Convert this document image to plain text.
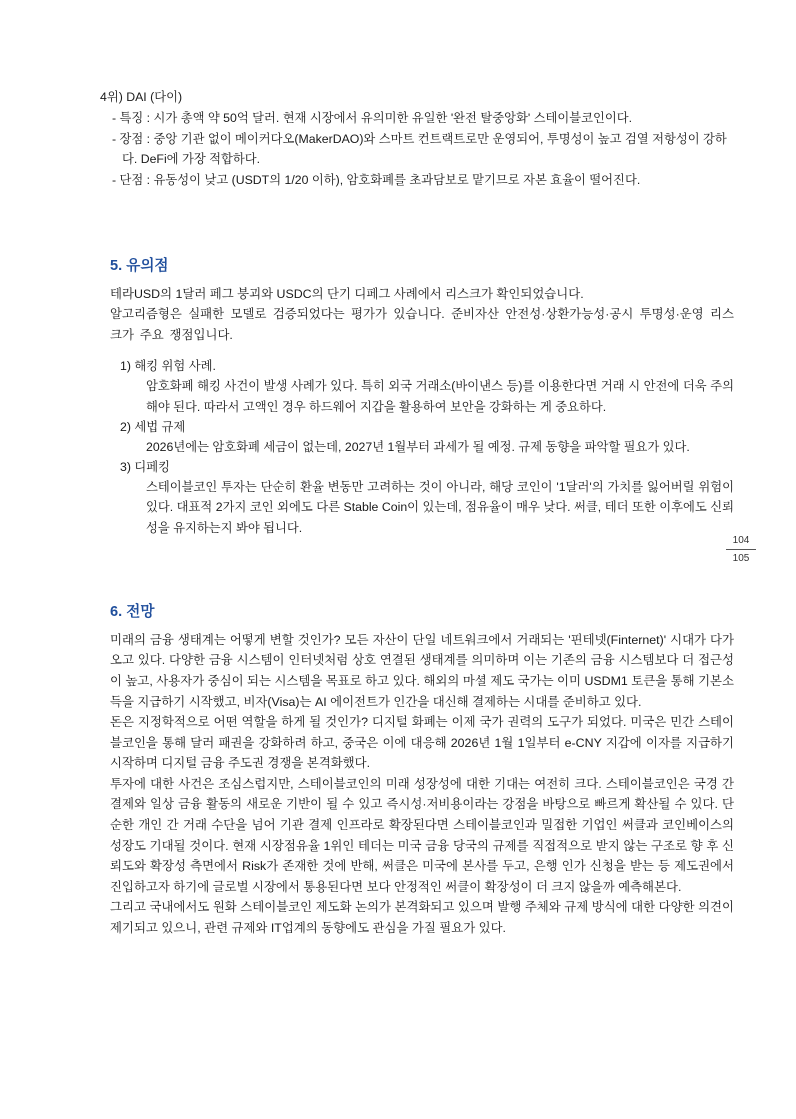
4위) DAI (다이)

- 특징 : 시가 총액 약 50억 달러. 현재 시장에서 유의미한 유일한 '완전 탈중앙화' 스테이블코인이다.

- 장점 : 중앙 기관 없이 메이커다오(MakerDAO)와 스마트 컨트랙트로만 운영되어, 투명성이 높고 검열 저항성이 강하다. DeFi에 가장 적합하다.

- 단점 : 유동성이 낮고 (USDT의 1/20 이하), 암호화폐를 초과담보로 맡기므로 자본 효율이 떨어진다.

5. 유의점

테라USD의 1달러 페그 붕괴와 USDC의 단기 디페그 사례에서 리스크가 확인되었습니다.

알고리즘형은 실패한 모델로 검증되었다는 평가가 있습니다. 준비자산 안전성·상환가능성·공시 투명성·운영 리스크가 주요 쟁점입니다.

1) 해킹 위험 사례.

암호화폐 해킹 사건이 발생 사례가 있다. 특히 외국 거래소(바이낸스 등)를 이용한다면 거래 시 안전에 더욱 주의해야 된다. 따라서 고액인 경우 하드웨어 지갑을 활용하여 보안을 강화하는 게 중요하다.

2) 세법 규제

2026년에는 암호화폐 세금이 없는데, 2027년 1월부터 과세가 될 예정. 규제 동향을 파악할 필요가 있다.

3) 디페킹

스테이블코인 투자는 단순히 환율 변동만 고려하는 것이 아니라, 해당 코인이 '1달러'의 가치를 잃어버릴 위험이 있다. 대표적 2가지 코인 외에도 다른 Stable Coin이 있는데, 점유율이 매우 낮다. 써클, 테더 또한 이후에도 신뢰성을 유지하는지 봐야 됩니다.

6. 전망

미래의 금융 생태계는 어떻게 변할 것인가? 모든 자산이 단일 네트워크에서 거래되는 '핀테넷(Finternet)' 시대가 다가오고 있다. 다양한 금융 시스템이 인터넷처럼 상호 연결된 생태계를 의미하며 이는 기존의 금융 시스템보다 더 접근성이 높고, 사용자가 중심이 되는 시스템을 목표로 하고 있다. 해외의 마셜 제도 국가는 이미 USDM1 토큰을 통해 기본소득을 지급하기 시작했고, 비자(Visa)는 AI 에이전트가 인간을 대신해 결제하는 시대를 준비하고 있다.

돈은 지정학적으로 어떤 역할을 하게 될 것인가? 디지털 화폐는 이제 국가 권력의 도구가 되었다. 미국은 민간 스테이블코인을 통해 달러 패권을 강화하려 하고, 중국은 이에 대응해 2026년 1월 1일부터 e-CNY 지갑에 이자를 지급하기 시작하며 디지털 금융 주도권 경쟁을 본격화했다.

투자에 대한 사건은 조심스럽지만, 스테이블코인의 미래 성장성에 대한 기대는 여전히 크다. 스테이블코인은 국경 간 결제와 일상 금융 활동의 새로운 기반이 될 수 있고 즉시성·저비용이라는 강점을 바탕으로 빠르게 확산될 수 있다. 단순한 개인 간 거래 수단을 넘어 기관 결제 인프라로 확장된다면 스테이블코인과 밀접한 기업인 써클과 코인베이스의 성장도 기대될 것이다. 현재 시장점유율 1위인 테더는 미국 금융 당국의 규제를 직접적으로 받지 않는 구조로 향 후 신뢰도와 확장성 측면에서 Risk가 존재한 것에 반해, 써클은 미국에 본사를 두고, 은행 인가 신청을 받는 등 제도권에서 진입하고자 하기에 글로벌 시장에서 통용된다면 보다 안정적인 써클이 확장성이 더 크지 않을까 예측해본다.

그리고 국내에서도 원화 스테이블코인 제도화 논의가 본격화되고 있으며 발행 주체와 규제 방식에 대한 다양한 의견이 제기되고 있으니, 관련 규제와 IT업계의 동향에도 관심을 가질 필요가 있다.

104
105
